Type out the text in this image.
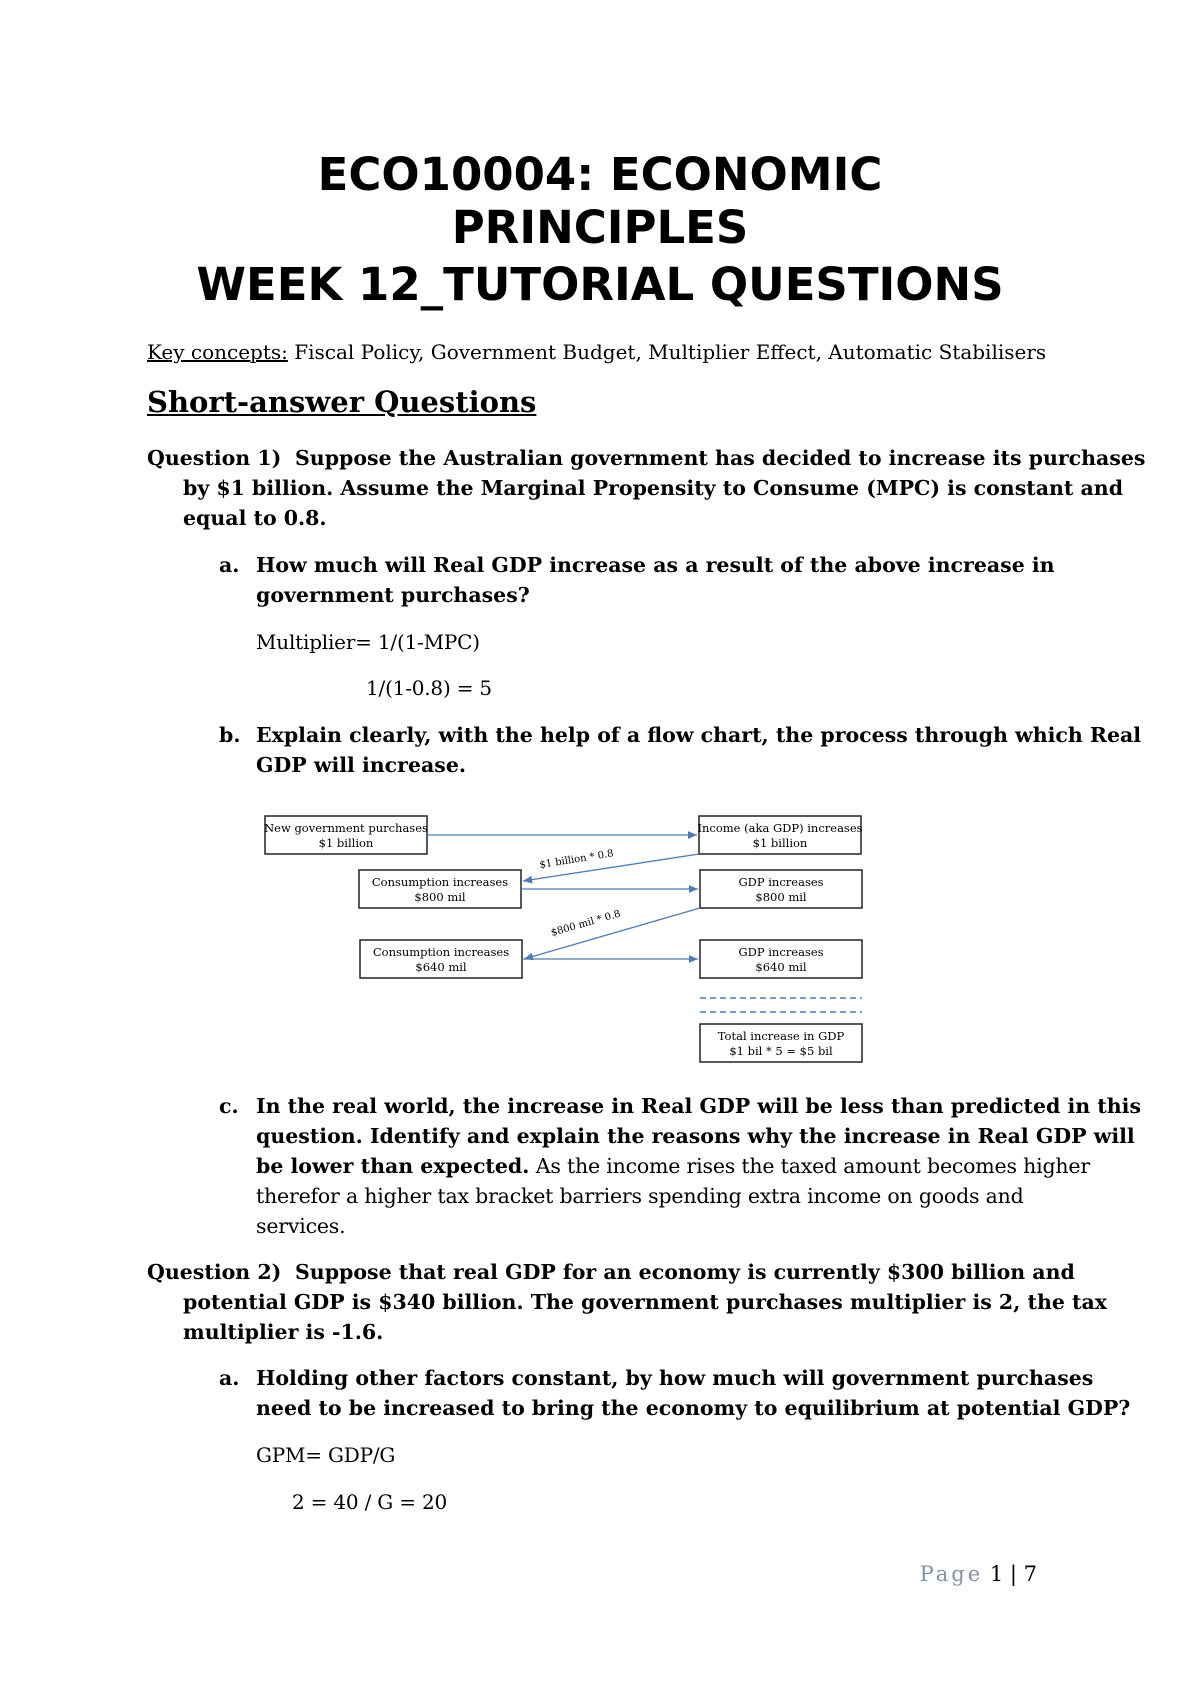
ECO10004: ECONOMIC
PRINCIPLES
WEEK 12_TUTORIAL QUESTIONS
Key concepts: Fiscal Policy, Government Budget, Multiplier Effect, Automatic Stabilisers
Short-answer Questions
Question 1) Suppose the Australian government has decided to increase its purchases
by $1 billion. Assume the Marginal Propensity to Consume (MPC) is constant and
equal to 0.8.
a. How much will Real GDP increase as a result of the above increase in
government purchases?
Multiplier= 1/(1-MPC)
1/(1-0.8) = 5
b. Explain clearly, with the help of a flow chart, the process through which Real
GDP will increase.
New government purchases
$1 billion
Income (aka GDP) increases
$1 billion
Consumption increases
$800 mil
GDP increases
$800 mil
Consumption increases
$640 mil
GDP increases
$640 mil
Total increase in GDP
$1 bil * 5 = $5 bil
$1 billion * 0.8
$800 mil * 0.8
c. In the real world, the increase in Real GDP will be less than predicted in this
question. Identify and explain the reasons why the increase in Real GDP will
be lower than expected. As the income rises the taxed amount becomes higher
therefor a higher tax bracket barriers spending extra income on goods and
services.
Question 2) Suppose that real GDP for an economy is currently $300 billion and
potential GDP is $340 billion. The government purchases multiplier is 2, the tax
multiplier is -1.6.
a. Holding other factors constant, by how much will government purchases
need to be increased to bring the economy to equilibrium at potential GDP?
GPM= GDP/G
2 = 40 / G = 20
Page 1 | 7
